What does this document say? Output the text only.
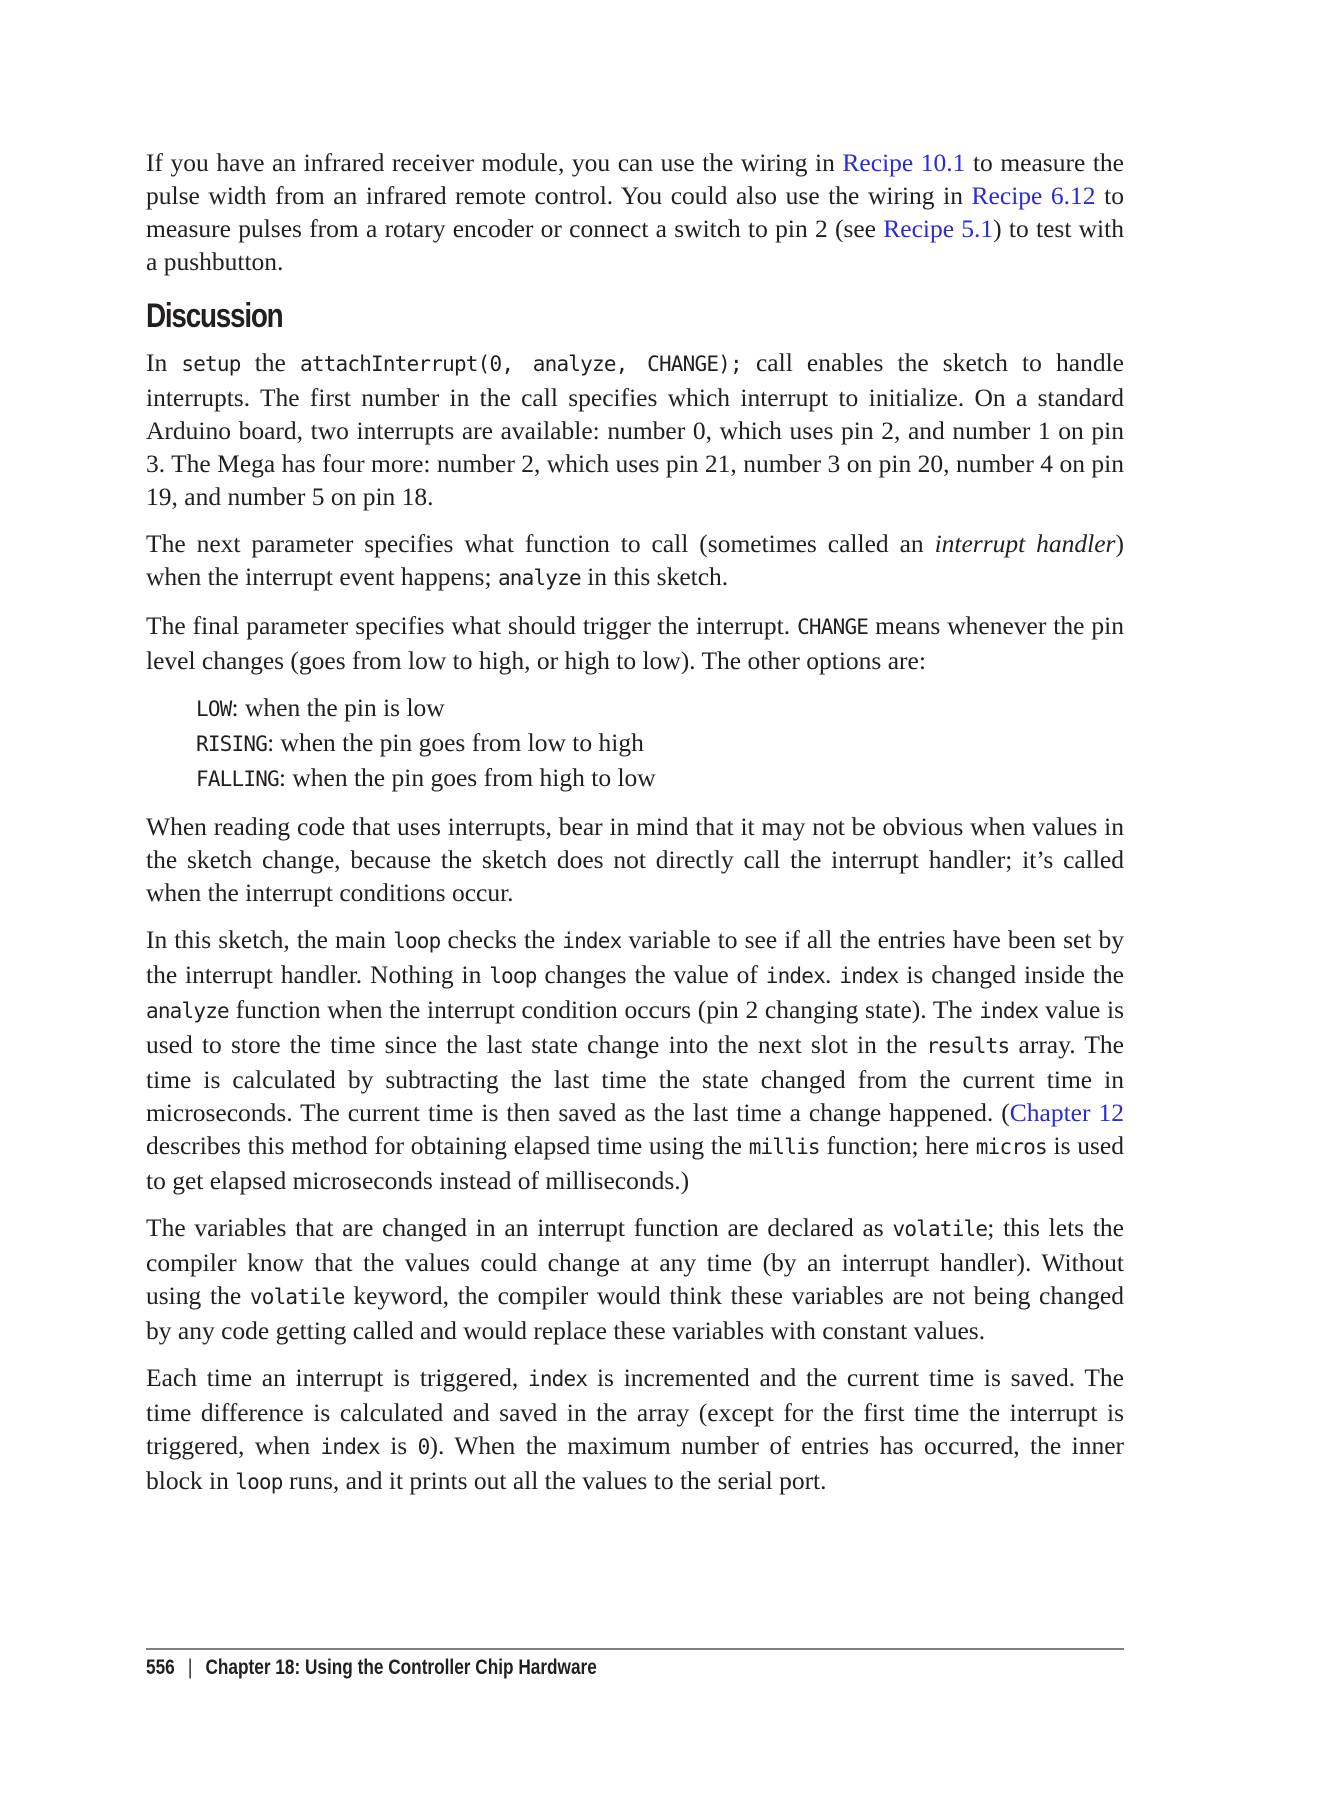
If you have an infrared receiver module, you can use the wiring in Recipe 10.1 to measure the pulse width from an infrared remote control. You could also use the wiring in Recipe 6.12 to measure pulses from a rotary encoder or connect a switch to pin 2 (see Recipe 5.1) to test with a pushbutton.

Discussion

In setup the attachInterrupt(0, analyze, CHANGE); call enables the sketch to handle interrupts. The first number in the call specifies which interrupt to initialize. On a standard Arduino board, two interrupts are available: number 0, which uses pin 2, and number 1 on pin 3. The Mega has four more: number 2, which uses pin 21, number 3 on pin 20, number 4 on pin 19, and number 5 on pin 18.

The next parameter specifies what function to call (sometimes called an interrupt handler) when the interrupt event happens; analyze in this sketch.

The final parameter specifies what should trigger the interrupt. CHANGE means whenever the pin level changes (goes from low to high, or high to low). The other options are:

LOW: when the pin is low
RISING: when the pin goes from low to high
FALLING: when the pin goes from high to low

When reading code that uses interrupts, bear in mind that it may not be obvious when values in the sketch change, because the sketch does not directly call the interrupt handler; it’s called when the interrupt conditions occur.

In this sketch, the main loop checks the index variable to see if all the entries have been set by the interrupt handler. Nothing in loop changes the value of index. index is changed inside the analyze function when the interrupt condition occurs (pin 2 changing state). The index value is used to store the time since the last state change into the next slot in the results array. The time is calculated by subtracting the last time the state changed from the current time in microseconds. The current time is then saved as the last time a change happened. (Chapter 12 describes this method for obtaining elapsed time using the millis function; here micros is used to get elapsed microseconds instead of milliseconds.)

The variables that are changed in an interrupt function are declared as volatile; this lets the compiler know that the values could change at any time (by an interrupt handler). Without using the volatile keyword, the compiler would think these variables are not being changed by any code getting called and would replace these variables with constant values.

Each time an interrupt is triggered, index is incremented and the current time is saved. The time difference is calculated and saved in the array (except for the first time the interrupt is triggered, when index is 0). When the maximum number of entries has occurred, the inner block in loop runs, and it prints out all the values to the serial port.

556 | Chapter 18: Using the Controller Chip Hardware
